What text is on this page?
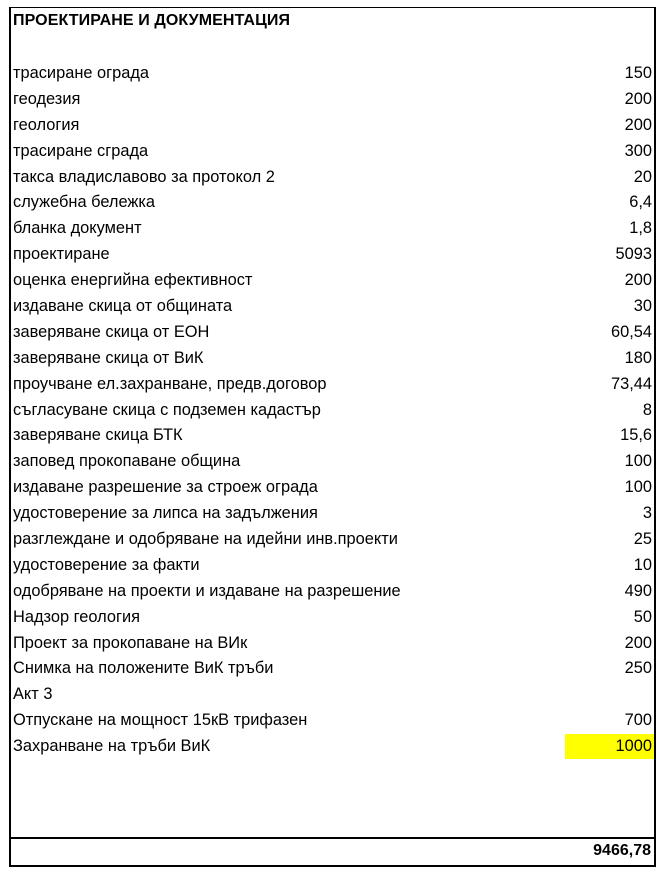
ПРОЕКТИРАНЕ И ДОКУМЕНТАЦИЯ
трасиране ограда	150
геодезия	200
геология	200
трасиране сграда	300
такса владиславово за протокол 2	20
служебна бележка	6,4
бланка документ	1,8
проектиране	5093
оценка енергийна ефективност	200
издаване скица от общината	30
заверяване скица от ЕОН	60,54
заверяване скица от ВиК	180
проучване ел.захранване, предв.договор	73,44
съгласуване скица с подземен кадастър	8
заверяване скица БТК	15,6
заповед прокопаване община	100
издаване разрешение за строеж ограда	100
удостоверение за липса на задължения	3
разглеждане и одобряване на идейни инв.проекти	25
удостоверение за факти	10
одобряване на проекти и издаване на разрешение	490
Надзор геология	50
Проект за прокопаване на ВИк	200
Снимка на положените ВиК тръби	250
Акт 3
Отпускане на мощност 15кВ трифазен	700
Захранване на тръби ВиК	1000
9466,78
